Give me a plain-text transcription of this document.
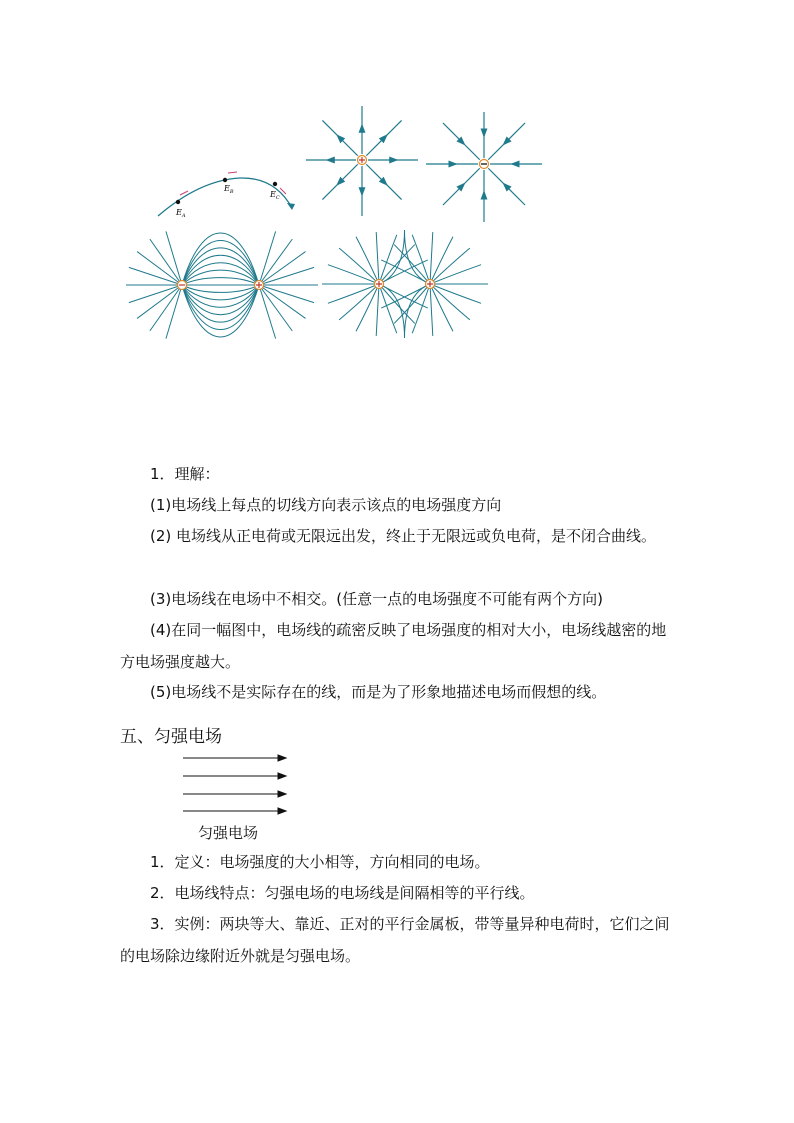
$E_A$
$E_B$	$E_C$

1．理解：

(1)电场线上每点的切线方向表示该点的电场强度方向

(2) 电场线从正电荷或无限远出发，终止于无限远或负电荷，是不闭合曲线。

(3)电场线在电场中不相交。(任意一点的电场强度不可能有两个方向)

(4)在同一幅图中，电场线的疏密反映了电场强度的相对大小，电场线越密的地方电场强度越大。

(5)电场线不是实际存在的线，而是为了形象地描述电场而假想的线。

五、匀强电场
匀强电场

1．定义：电场强度的大小相等，方向相同的电场。

2．电场线特点：匀强电场的电场线是间隔相等的平行线。

3．实例：两块等大、靠近、正对的平行金属板，带等量异种电荷时，它们之间的电场除边缘附近外就是匀强电场。
